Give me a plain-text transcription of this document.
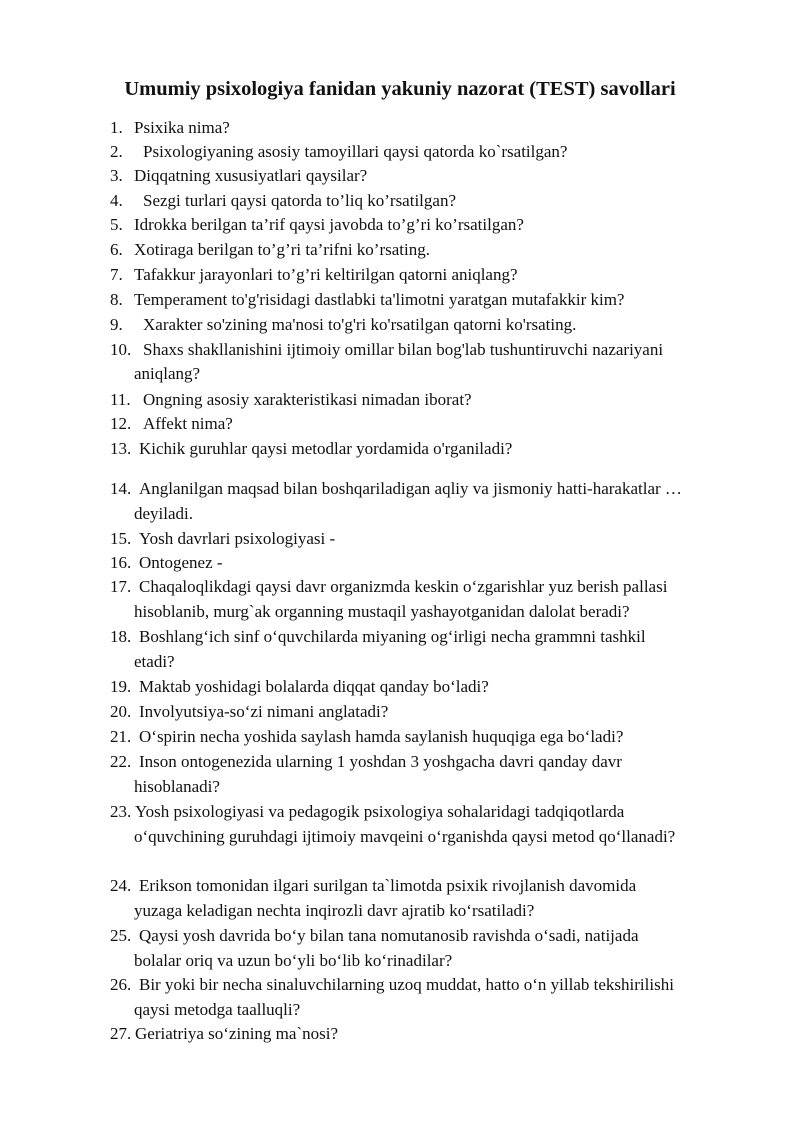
Umumiy psixologiya fanidan yakuniy nazorat (TEST) savollari
1. Psixika nima?
2. Psixologiyaning asosiy tamoyillari qaysi qatorda ko`rsatilgan?
3. Diqqatning xususiyatlari qaysilar?
4. Sezgi turlari qaysi qatorda to’liq ko’rsatilgan?
5. Idrokka berilgan ta’rif qaysi javobda to’g’ri ko’rsatilgan?
6. Xotiraga berilgan to’g’ri ta’rifni ko’rsating.
7. Tafakkur jarayonlari to’g’ri keltirilgan qatorni aniqlang?
8. Temperament to'g'risidagi dastlabki ta'limotni yaratgan mutafakkir kim?
9. Xarakter so'zining ma'nosi to'g'ri ko'rsatilgan qatorni ko'rsating.
10. Shaxs shakllanishini ijtimoiy omillar bilan bog'lab tushuntiruvchi nazariyani
aniqlang?
11. Ongning asosiy xarakteristikasi nimadan iborat?
12. Affekt nima?
13. Kichik guruhlar qaysi metodlar yordamida o'rganiladi?
14. Anglanilgan maqsad bilan boshqariladigan aqliy va jismoniy hatti-harakatlar …
deyiladi.
15. Yosh davrlari psixologiyasi -
16. Ontogenez -
17. Chaqaloqlikdagi qaysi davr organizmda keskin o‘zgarishlar yuz berish pallasi
hisoblanib, murg`ak organning mustaqil yashayotganidan dalolat beradi?
18. Boshlang‘ich sinf o‘quvchilarda miyaning og‘irligi necha grammni tashkil
etadi?
19. Maktab yoshidagi bolalarda diqqat qanday bo‘ladi?
20. Involyutsiya-so‘zi nimani anglatadi?
21. O‘spirin necha yoshida saylash hamda saylanish huquqiga ega bo‘ladi?
22. Inson ontogenezida ularning 1 yoshdan 3 yoshgacha davri qanday davr
hisoblanadi?
23. Yosh psixologiyasi va pedagogik psixologiya sohalaridagi tadqiqotlarda
o‘quvchining guruhdagi ijtimoiy mavqeini o‘rganishda qaysi metod qo‘llanadi?
24. Erikson tomonidan ilgari surilgan ta`limotda psixik rivojlanish davomida
yuzaga keladigan nechta inqirozli davr ajratib ko‘rsatiladi?
25. Qaysi yosh davrida bo‘y bilan tana nomutanosib ravishda o‘sadi, natijada
bolalar oriq va uzun bo‘yli bo‘lib ko‘rinadilar?
26. Bir yoki bir necha sinaluvchilarning uzoq muddat, hatto o‘n yillab tekshirilishi
qaysi metodga taalluqli?
27. Geriatriya so‘zining ma`nosi?
